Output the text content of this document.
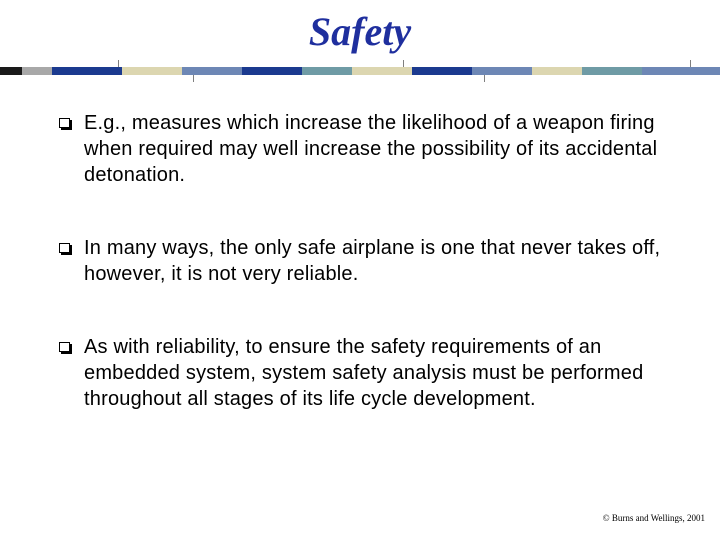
Safety
E.g., measures which increase the likelihood of a weapon firing when required may well increase the possibility of its accidental detonation.
In many ways, the only safe airplane is one that never takes off, however, it is not very reliable.
As with reliability, to ensure the safety requirements of an embedded system, system safety analysis must be performed throughout all stages of its life cycle development.
© Burns and Wellings, 2001
